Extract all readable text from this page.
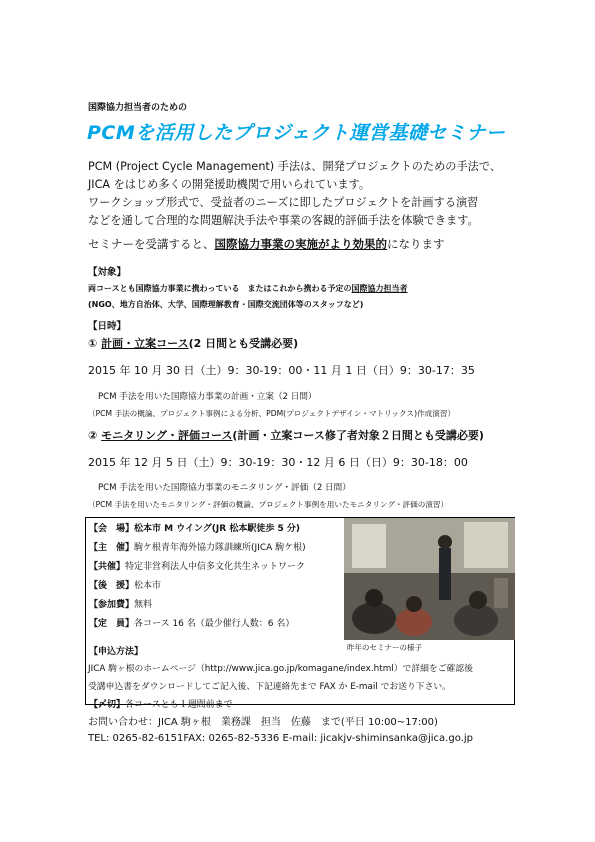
国際協力担当者のための
PCMを活用したプロジェクト運営基礎セミナー
PCM (Project Cycle Management) 手法は、開発プロジェクトのための手法で、
JICA をはじめ多くの開発援助機関で用いられています。
ワークショップ形式で、受益者のニーズに即したプロジェクトを計画する演習
などを通して合理的な問題解決手法や事業の客観的評価手法を体験できます。
セミナーを受講すると、国際協力事業の実施がより効果的になります
【対象】
両コースとも国際協力事業に携わっている　またはこれから携わる予定の国際協力担当者
(NGO、地方自治体、大学、国際理解教育・国際交流団体等のスタッフなど)
【日時】
① 計画・立案コース(2 日間とも受講必要)
2015 年 10 月 30 日（土）9：30-19：00・11 月 1 日（日）9：30-17：35
PCM 手法を用いた国際協力事業の計画・立案（2 日間）
（PCM 手法の概論、プロジェクト事例による分析、PDM(プロジェクトデザイン・マトリックス)作成演習）
② モニタリング・評価コース(計画・立案コース修了者対象２日間とも受講必要)
2015 年 12 月 5 日（土）9：30-19：30・12 月 6 日（日）9：30-18：00
PCM 手法を用いた国際協力事業のモニタリング・評価（2 日間）
（PCM 手法を用いたモニタリング・評価の概論、プロジェクト事例を用いたモニタリング・評価の演習）
【会　場】松本市 M ウイング(JR 松本駅徒歩 5 分)
【主　催】駒ケ根青年海外協力隊訓練所(JICA 駒ケ根)
【共催】特定非営利法人中信多文化共生ネットワーク
【後　援】松本市
【参加費】無料
【定　員】各コース 16 名（最少催行人数：6 名）
昨年のセミナーの様子
【申込方法】
JICA 駒ヶ根のホームページ（http://www.jica.go.jp/komagane/index.html）で詳細をご確認後
受講申込書をダウンロードしてご記入後、下記連絡先まで FAX か E-mail でお送り下さい。
【〆切】各コースとも１週間前まで
お問い合わせ：JICA 駒ヶ根　業務課　担当　佐藤　まで(平日 10:00~17:00)
TEL: 0265-82-6151FAX: 0265-82-5336 E-mail: jicakjv-shiminsanka@jica.go.jp
